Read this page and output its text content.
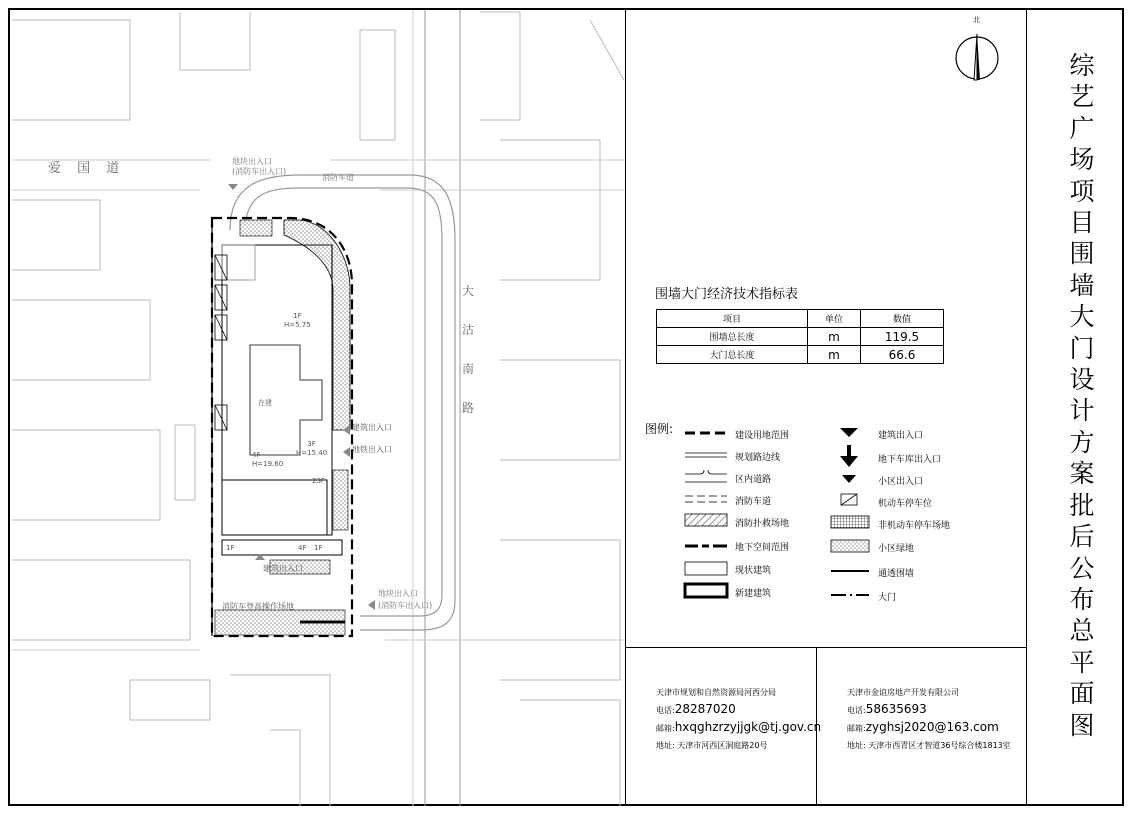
爱 国 道
大
沽
南
路
消防车道
地块出入口
(消防车出入口)
地块出入口
(消防车出入口)
建筑出入口
地铁出入口
建筑出入口
1F
H=5.75
在建
4F
H=19.60
3F
H=15.40
23F
1F	4F 1F
消防车登高操作场地
北
围墙大门经济技术指标表
项目	单位	数值
围墙总长度	m	119.5
大门总长度	m	66.6
图例:	建设用地范围
规划路边线
区内道路
消防车道
消防扑救场地
地下空间范围
现状建筑
新建建筑
建筑出入口
地下车库出入口
小区出入口
机动车停车位
非机动车停车场地
小区绿地
通透围墙
大门
天津市规划和自然资源局河西分局
电话:28287020
邮箱:hxqghzrzyjjgk@tj.gov.cn
地址: 天津市河西区洞庭路20号
天津市金谊房地产开发有限公司
电话:58635693
邮箱:zyghsj2020@163.com
地址: 天津市西青区才智道36号综合楼1813室
综
艺
广
场
项
目
围
墙
大
门
设
计
方
案
批
后
公
布
总
平
面
图
